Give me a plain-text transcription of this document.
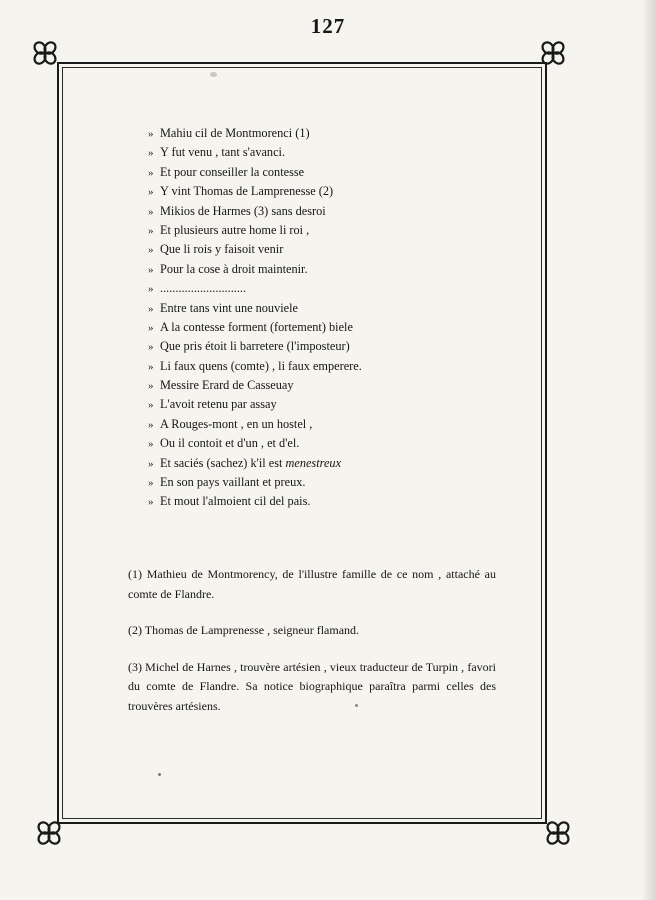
127
» Mahiu cil de Montmorenci (1)
» Y fut venu , tant s'avanci.
» Et pour conseiller la contesse
» Y vint Thomas de Lamprenesse (2)
» Mikios de Harmes (3) sans desroi
» Et plusieurs autre home li roi ,
» Que li rois y faisoit venir
» Pour la cose à droit maintenir.
» ............................
» Entre tans vint une nouviele
» A la contesse forment (fortement) biele
» Que pris étoit li barretere (l'imposteur)
» Li faux quens (comte) , li faux emperere.
» Messire Erard de Casseuay
» L'avoit retenu par assay
» A Rouges-mont , en un hostel ,
» Ou il contoit et d'un , et d'el.
» Et saciés (sachez) k'il est menestreux
» En son pays vaillant et preux.
» Et mout l'almoient cil del pais.

(1) Mathieu de Montmorency, de l'illustre famille de ce nom , attaché au comte de Flandre.

(2) Thomas de Lamprenesse , seigneur flamand.

(3) Michel de Harnes , trouvère artésien , vieux traducteur de Turpin , favori du comte de Flandre. Sa notice biographique paraîtra parmi celles des trouvères artésiens.
